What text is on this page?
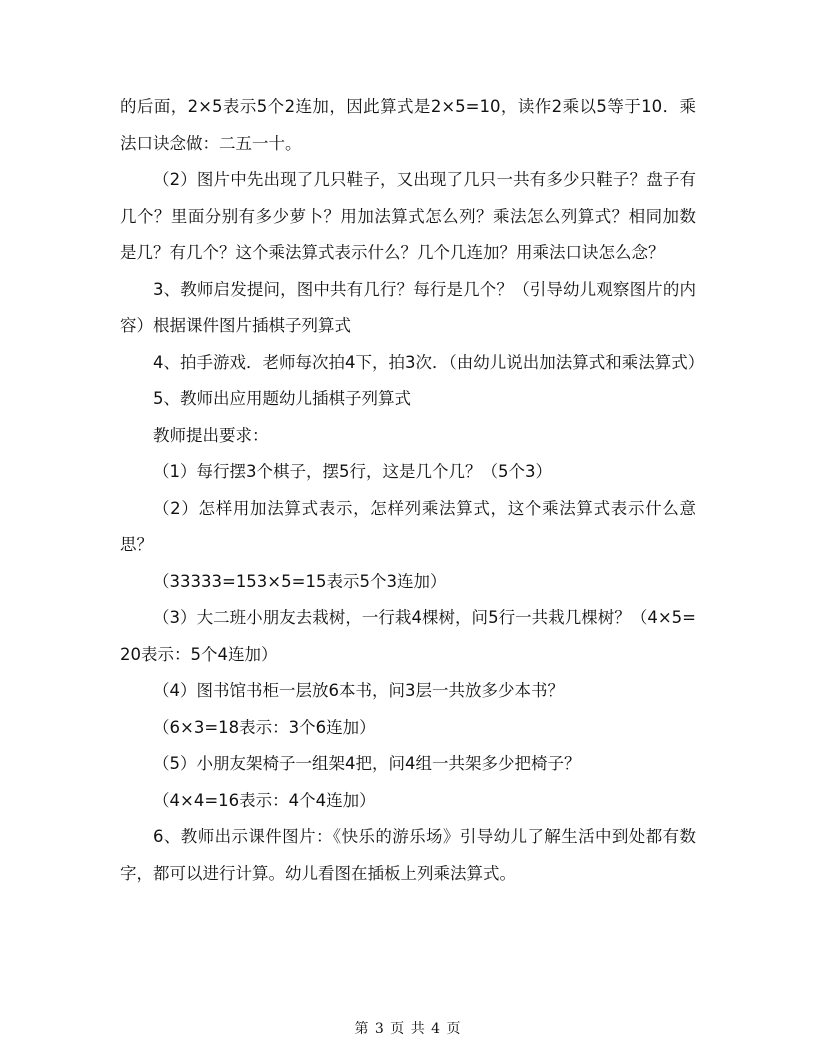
的后面，2×5表示5个2连加，因此算式是2×5=10，读作2乘以5等于10．乘法口诀念做：二五一十。

（2）图片中先出现了几只鞋子，又出现了几只一共有多少只鞋子？盘子有几个？里面分别有多少萝卜？用加法算式怎么列？乘法怎么列算式？相同加数是几？有几个？这个乘法算式表示什么？几个几连加？用乘法口诀怎么念？

3、教师启发提问，图中共有几行？每行是几个？（引导幼儿观察图片的内容）根据课件图片插棋子列算式

4、拍手游戏．老师每次拍4下，拍3次．（由幼儿说出加法算式和乘法算式）

5、教师出应用题幼儿插棋子列算式

教师提出要求：

（1）每行摆3个棋子，摆5行，这是几个几？（5个3）

（2）怎样用加法算式表示，怎样列乘法算式，这个乘法算式表示什么意思？

（33333=153×5=15表示5个3连加）

（3）大二班小朋友去栽树，一行栽4棵树，问5行一共栽几棵树？（4×5=20表示：5个4连加）

（4）图书馆书柜一层放6本书，问3层一共放多少本书？

（6×3=18表示：3个6连加）

（5）小朋友架椅子一组架4把，问4组一共架多少把椅子？

（4×4=16表示：4个4连加）

6、教师出示课件图片：《快乐的游乐场》引导幼儿了解生活中到处都有数字，都可以进行计算。幼儿看图在插板上列乘法算式。

第 3 页 共 4 页
